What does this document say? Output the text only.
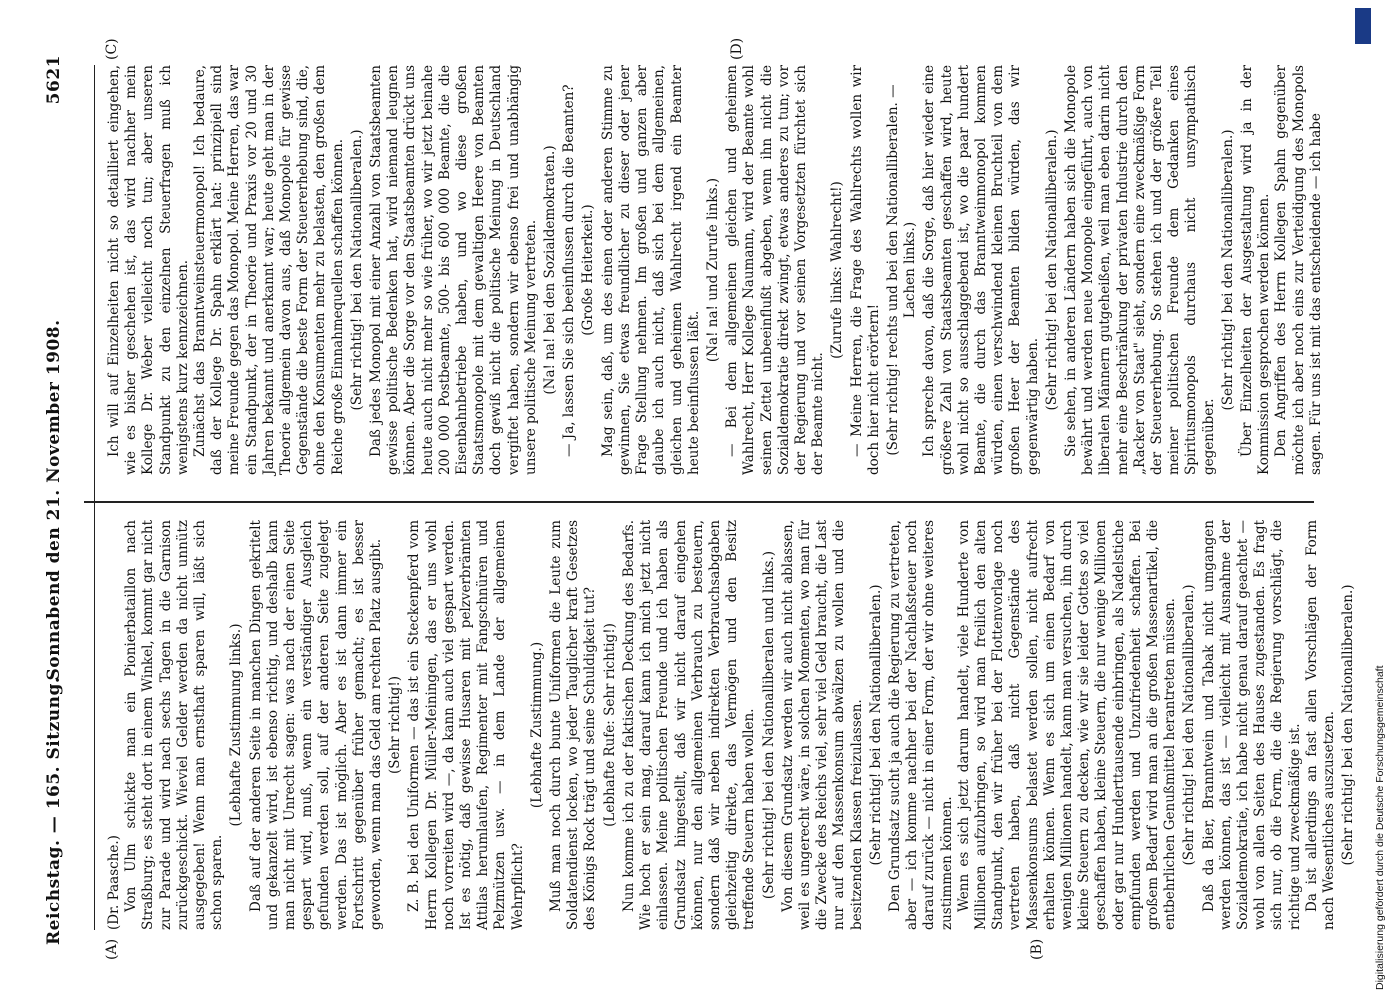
DFG
Digitalisierung gefördert durch die Deutsche Forschungsgemeinschaft
Reichstag. — 165. Sitzung.
Sonnabend den 21. November 1908.
5621
(A)	(B)
(C)	(D)

(Dr. Paasche.) Von Ulm schickte man ein Pionierbataillon nach Straßburg; es steht dort in einem Winkel, kommt gar nicht zur Parade und wird nach sechs Tagen in die Garnison zurückgeschickt. Wieviel Gelder werden da nicht unnütz ausgegeben! Wenn man ernsthaft sparen will, läßt sich schon sparen.

(Lebhafte Zustimmung links.) Daß auf der anderen Seite in manchen Dingen gekritelt und gekanzelt wird, ist ebenso richtig, und deshalb kann man nicht mit Unrecht sagen: was nach der einen Seite gespart wird, muß, wenn ein verständiger Ausgleich gefunden werden soll, auf der anderen Seite zugelegt werden. Das ist möglich. Aber es ist dann immer ein Fortschritt gegenüber früher gemacht; es ist besser geworden, wenn man das Geld am rechten Platz ausgibt. (Sehr richtig!) Z. B. bei den Uniformen — das ist ein Steckenpferd vom Herrn Kollegen Dr. Müller-Meiningen, das er uns wohl noch vorreiten wird —, da kann auch viel gespart werden. Ist es nötig, daß gewisse Husaren mit pelzverbrämten Attilas herumlaufen, Regimenter mit Fangschnüren und Pelzmützen usw. — in dem Lande der allgemeinen Wehrpflicht?

(Lebhafte Zustimmung.) Muß man noch durch bunte Uniformen die Leute zum Soldatendienst locken, wo jeder Tauglicher kraft Gesetzes des Königs Rock trägt und seine Schuldigkeit tut? (Lebhafte Rufe: Sehr richtig!) Nun komme ich zu der faktischen Deckung des Bedarfs. Wie hoch er sein mag, darauf kann ich mich jetzt nicht einlassen. Meine politischen Freunde und ich haben als Grundsatz hingestellt, daß wir nicht darauf eingehen können, nur den allgemeinen Verbrauch zu besteuern, sondern daß wir neben indirekten Verbrauchsabgaben gleichzeitig direkte, das Vermögen und den Besitz treffende Steuern haben wollen. (Sehr richtig! bei den Nationalliberalen und links.) Von diesem Grundsatz werden wir auch nicht ablassen, weil es ungerecht wäre, in solchen Momenten, wo man für die Zwecke des Reichs viel, sehr viel Geld braucht, die Last nur auf den Massenkonsum abwälzen zu wollen und die besitzenden Klassen freizulassen. (Sehr richtig! bei den Nationalliberalen.) Den Grundsatz sucht ja auch die Regierung zu vertreten, aber — ich komme nachher bei der Nachlaßsteuer noch darauf zurück — nicht in einer Form, der wir ohne weiteres zustimmen können. Wenn es sich jetzt darum handelt, viele Hunderte von Millionen aufzubringen, so wird man freilich den alten Standpunkt, den wir früher bei der Flottenvorlage noch vertreten haben, daß nicht Gegenstände des Massenkonsums belastet werden sollen, nicht aufrecht erhalten können. Wenn es sich um einen Bedarf von wenigen Millionen handelt, kann man versuchen, ihn durch kleine Steuern zu decken, wie wir sie leider Gottes so viel geschaffen haben, kleine Steuern, die nur wenige Millionen oder gar nur Hunderttausende einbringen, als Nadelstiche empfunden werden und Unzufriedenheit schaffen. Bei großem Bedarf wird man an die großen Massenartikel, die entbehrlichen Genußmittel herantreten müssen. (Sehr richtig! bei den Nationalliberalen.) Daß da Bier, Branntwein und Tabak nicht umgangen werden können, das ist — vielleicht mit Ausnahme der Sozialdemokratie, ich habe nicht genau darauf geachtet — wohl von allen Seiten des Hauses zugestanden. Es fragt sich nur, ob die Form, die die Regierung vorschlägt, die richtige und zweckmäßige ist. Da ist allerdings an fast allen Vorschlägen der Form nach Wesentliches auszusetzen. (Sehr richtig! bei den Nationalliberalen.)

Ich will auf Einzelheiten nicht so detailliert eingehen, wie es bisher geschehen ist, das wird nachher mein Kollege Dr. Weber vielleicht noch tun; aber unseren Standpunkt zu den einzelnen Steuerfragen muß ich wenigstens kurz kennzeichnen. Zunächst das Branntweinsteuermonopol! Ich bedaure, daß der Kollege Dr. Spahn erklärt hat: prinzipiell sind meine Freunde gegen das Monopol. Meine Herren, das war ein Standpunkt, der in Theorie und Praxis vor 20 und 30 Jahren bekannt und anerkannt war; heute geht man in der Theorie allgemein davon aus, daß Monopole für gewisse Gegenstände die beste Form der Steuererhebung sind, die, ohne den Konsumenten mehr zu belasten, den großen dem Reiche große Einnahmequellen schaffen können. (Sehr richtig! bei den Nationalliberalen.) Daß jedes Monopol mit einer Anzahl von Staatsbeamten gewisse politische Bedenken hat, wird niemand leugnen können. Aber die Sorge vor den Staatsbeamten drückt uns heute auch nicht mehr so wie früher, wo wir jetzt beinahe 200 000 Postbeamte, 500- bis 600 000 Beamte, die die Eisenbahnbetriebe haben, und wo diese großen Staatsmonopole mit dem gewaltigen Heere von Beamten doch gewiß nicht die politische Meinung in Deutschland vergiftet haben, sondern wir ebenso frei und unabhängig unsere politische Meinung vertreten. (Na! na! bei den Sozialdemokraten.) — Ja, lassen Sie sich beeinflussen durch die Beamten? (Große Heiterkeit.) Mag sein, daß, um des einen oder anderen Stimme zu gewinnen, Sie etwas freundlicher zu dieser oder jener Frage Stellung nehmen. Im großen und ganzen aber glaube ich auch nicht, daß sich bei dem allgemeinen, gleichen und geheimen Wahlrecht irgend ein Beamter heute beeinflussen läßt.

(Na! na! und Zurufe links.) — Bei dem allgemeinen gleichen und geheimen Wahlrecht, Herr Kollege Naumann, wird der Beamte wohl seinen Zettel unbeeinflußt abgeben, wenn ihn nicht die Sozialdemokratie direkt zwingt, etwas anderes zu tun; vor der Regierung und vor seinen Vorgesetzten fürchtet sich der Beamte nicht.

(Zurufe links: Wahlrecht!) — Meine Herren, die Frage des Wahlrechts wollen wir doch hier nicht erörtern! (Sehr richtig! rechts und bei den Nationalliberalen. — Lachen links.) Ich spreche davon, daß die Sorge, daß hier wieder eine größere Zahl von Staatsbeamten geschaffen wird, heute wohl nicht so ausschlaggebend ist, wo die paar hundert Beamte, die durch das Branntweinmonopol kommen würden, einen verschwindend kleinen Bruchteil von dem großen Heer der Beamten bilden würden, das wir gegenwärtig haben. (Sehr richtig! bei den Nationalliberalen.) Sie sehen, in anderen Ländern haben sich die Monopole bewährt und werden neue Monopole eingeführt, auch von liberalen Männern gutgeheißen, weil man eben darin nicht mehr eine Beschränkung der privaten Industrie durch den „Racker von Staat" sieht, sondern eine zweckmäßige Form der Steuererhebung. So stehen ich und der größere Teil meiner politischen Freunde dem Gedanken eines Spiritusmonopols durchaus nicht unsympathisch gegenüber.

(Sehr richtig! bei den Nationalliberalen.) Über Einzelheiten der Ausgestaltung wird ja in der Kommission gesprochen werden können. Den Angriffen des Herrn Kollegen Spahn gegenüber möchte ich aber noch eins zur Verteidigung des Monopols sagen. Für uns ist mit das entscheidende — ich habe
